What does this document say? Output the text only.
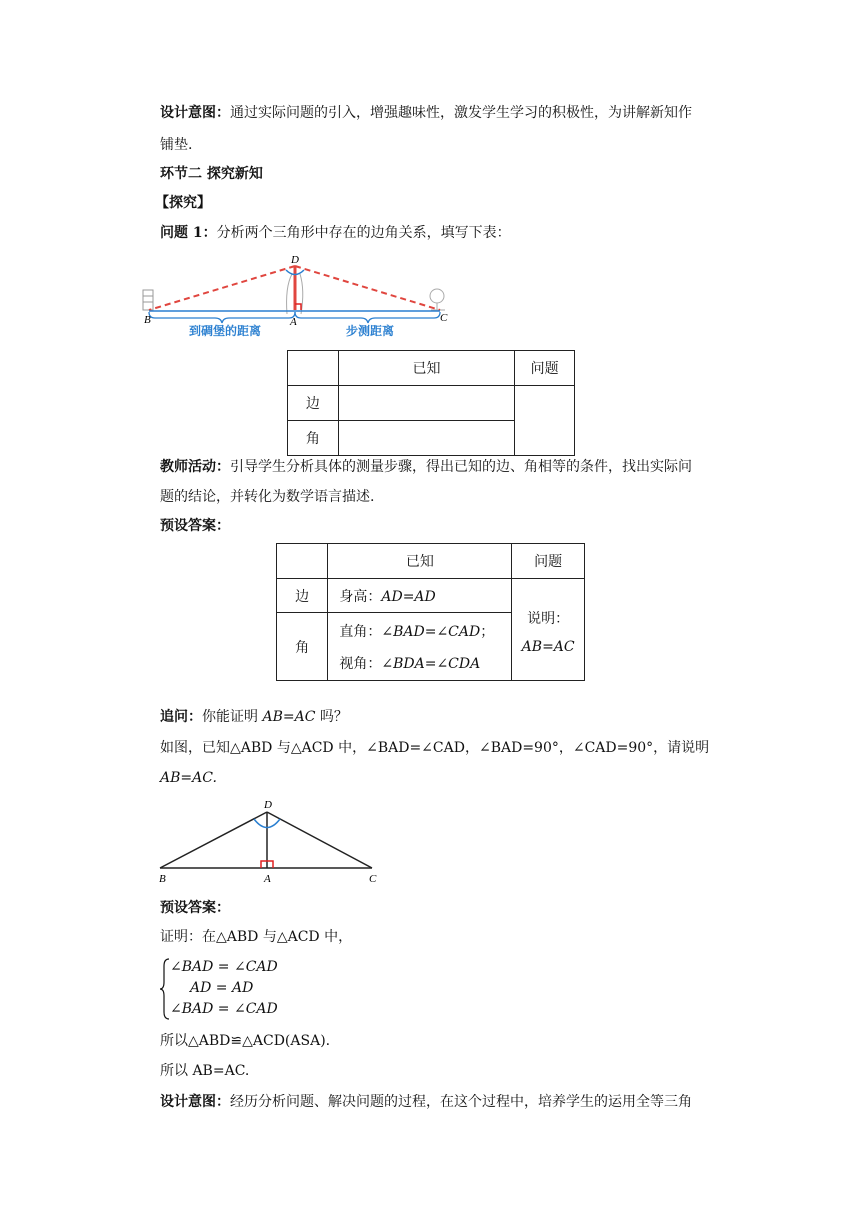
设计意图：通过实际问题的引入，增强趣味性，激发学生学习的积极性，为讲解新知作
铺垫.
环节二 探究新知
【探究】
问题 1：分析两个三角形中存在的边角关系，填写下表：
D
B	A	C
到碉堡的距离	步测距离
	已知	问题
边		
角		
教师活动：引导学生分析具体的测量步骤，得出已知的边、角相等的条件，找出实际问
题的结论，并转化为数学语言描述.
预设答案：
	已知	问题
边	身高：AD=AD	说明：
AB=AC

角	直角：∠BAD=∠CAD；
视角：∠BDA=∠CDA	
追问：你能证明 AB=AC 吗？
如图，已知△ABD 与△ACD 中，∠BAD=∠CAD，∠BAD=90°，∠CAD=90°，请说明
AB=AC.
D
B	A	C
预设答案：
证明：在△ABD 与△ACD 中，
∠BAD = ∠CAD
AD = AD
∠BAD = ∠CAD
所以△ABD≌△ACD(ASA).
所以 AB=AC.
设计意图：经历分析问题、解决问题的过程，在这个过程中，培养学生的运用全等三角
